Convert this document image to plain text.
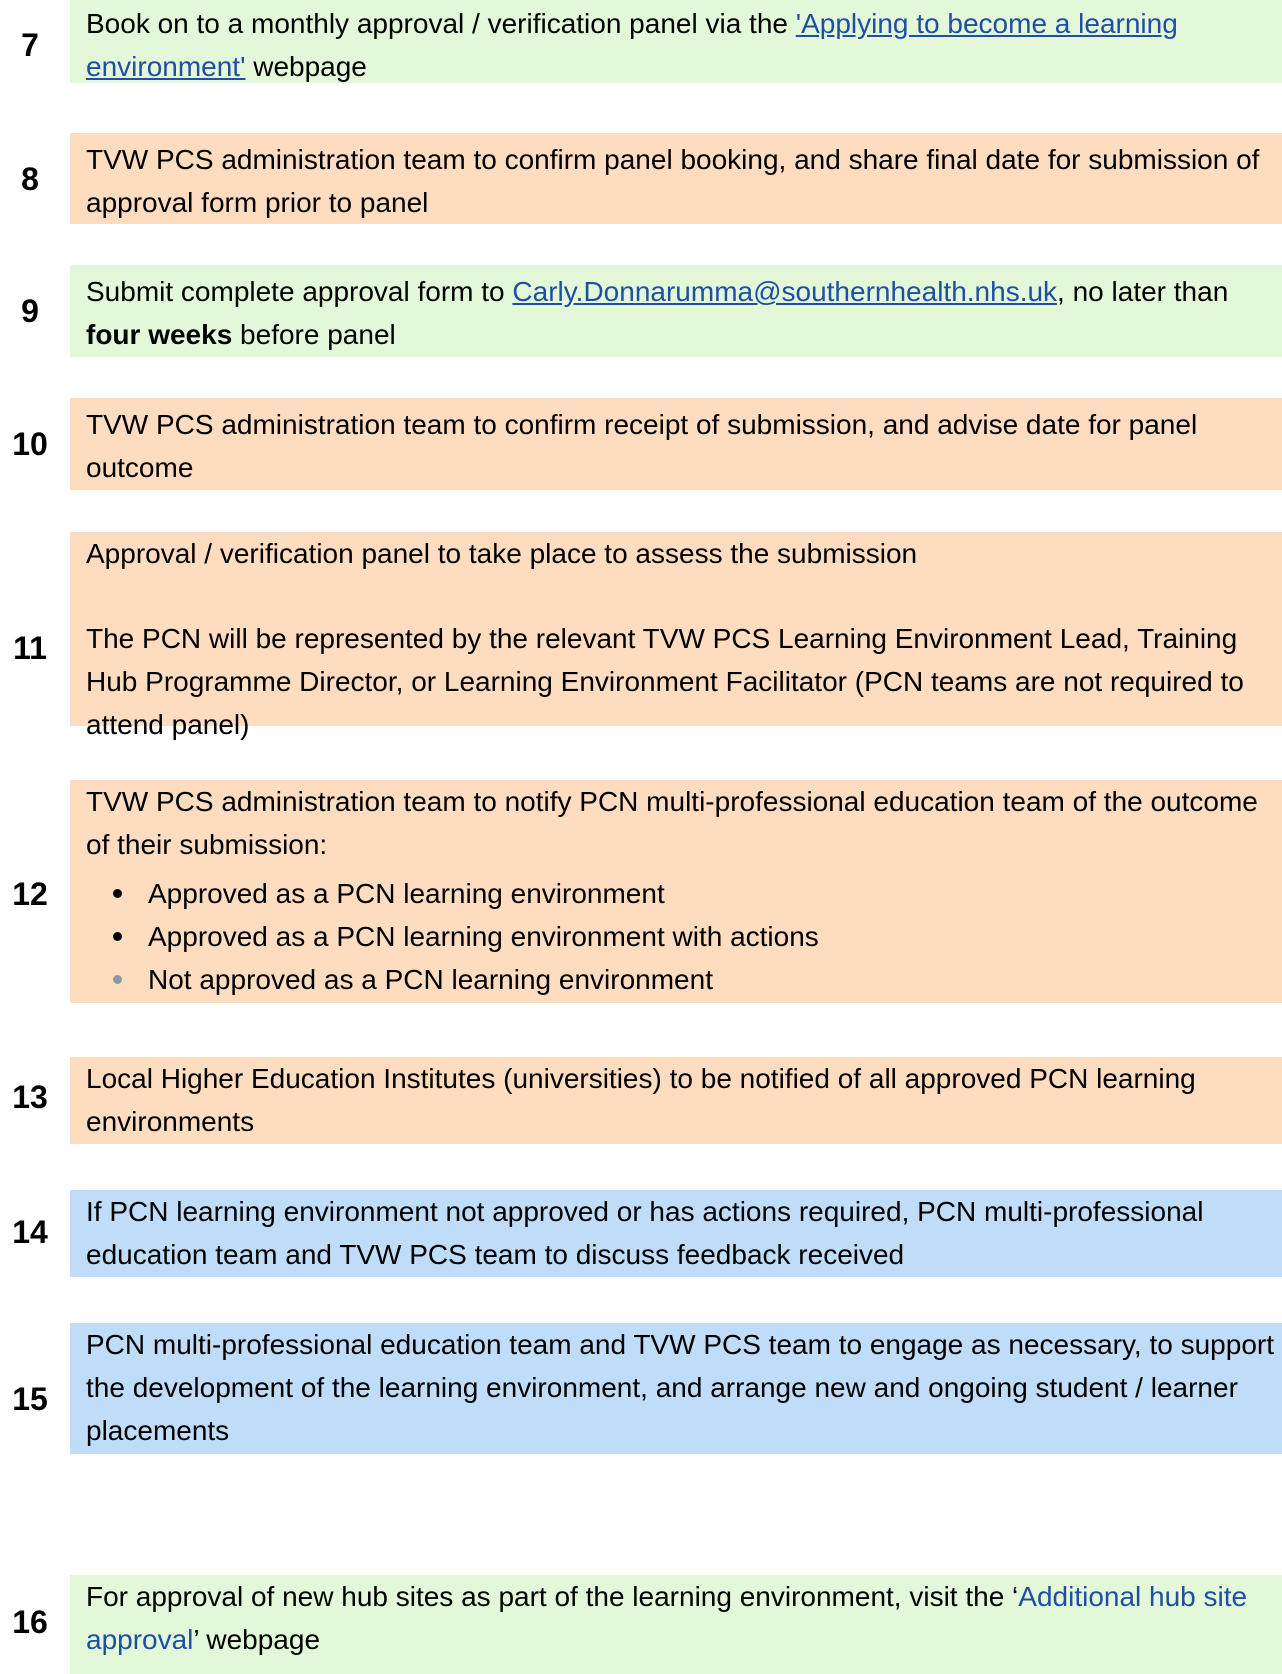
7
Book on to a monthly approval / verification panel via the 'Applying to become a learning environment' webpage
8
TVW PCS administration team to confirm panel booking, and share final date for submission of approval form prior to panel
9
Submit complete approval form to Carly.Donnarumma@southernhealth.nhs.uk, no later than four weeks before panel
10
TVW PCS administration team to confirm receipt of submission, and advise date for panel outcome
11
Approval / verification panel to take place to assess the submission
The PCN will be represented by the relevant TVW PCS Learning Environment Lead, Training Hub Programme Director, or Learning Environment Facilitator (PCN teams are not required to attend panel)
12
TVW PCS administration team to notify PCN multi-professional education team of the outcome of their submission:
Approved as a PCN learning environment
Approved as a PCN learning environment with actions
Not approved as a PCN learning environment
13
Local Higher Education Institutes (universities) to be notified of all approved PCN learning environments
14
If PCN learning environment not approved or has actions required, PCN multi-professional education team and TVW PCS team to discuss feedback received
15
PCN multi-professional education team and TVW PCS team to engage as necessary, to support the development of the learning environment, and arrange new and ongoing student / learner placements
16
For approval of new hub sites as part of the learning environment, visit the ‘Additional hub site approval’ webpage
